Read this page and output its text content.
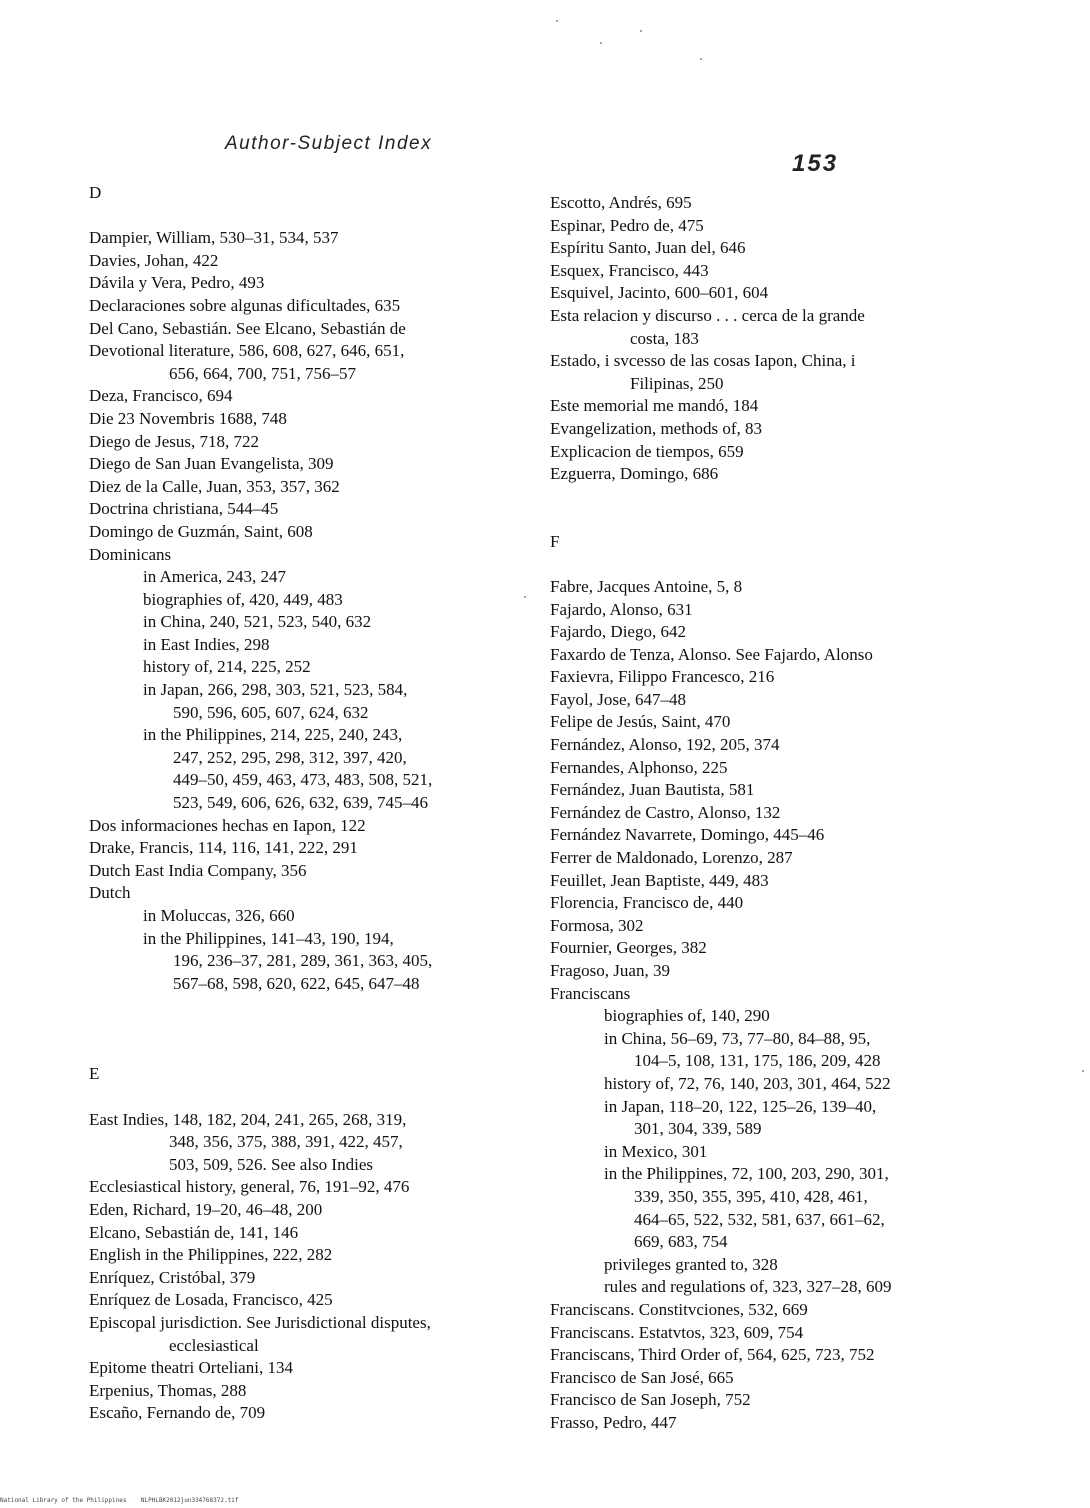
Author-Subject Index
153
D
Dampier, William, 530–31, 534, 537
Davies, Johan, 422
Dávila y Vera, Pedro, 493
Declaraciones sobre algunas dificultades, 635
Del Cano, Sebastián. See Elcano, Sebastián de
Devotional literature, 586, 608, 627, 646, 651,
656, 664, 700, 751, 756–57
Deza, Francisco, 694
Die 23 Novembris 1688, 748
Diego de Jesus, 718, 722
Diego de San Juan Evangelista, 309
Diez de la Calle, Juan, 353, 357, 362
Doctrina christiana, 544–45
Domingo de Guzmán, Saint, 608
Dominicans
in America, 243, 247
biographies of, 420, 449, 483
in China, 240, 521, 523, 540, 632
in East Indies, 298
history of, 214, 225, 252
in Japan, 266, 298, 303, 521, 523, 584,
590, 596, 605, 607, 624, 632
in the Philippines, 214, 225, 240, 243,
247, 252, 295, 298, 312, 397, 420,
449–50, 459, 463, 473, 483, 508, 521,
523, 549, 606, 626, 632, 639, 745–46
Dos informaciones hechas en Iapon, 122
Drake, Francis, 114, 116, 141, 222, 291
Dutch East India Company, 356
Dutch
in Moluccas, 326, 660
in the Philippines, 141–43, 190, 194,
196, 236–37, 281, 289, 361, 363, 405,
567–68, 598, 620, 622, 645, 647–48
E
East Indies, 148, 182, 204, 241, 265, 268, 319,
348, 356, 375, 388, 391, 422, 457,
503, 509, 526. See also Indies
Ecclesiastical history, general, 76, 191–92, 476
Eden, Richard, 19–20, 46–48, 200
Elcano, Sebastián de, 141, 146
English in the Philippines, 222, 282
Enríquez, Cristóbal, 379
Enríquez de Losada, Francisco, 425
Episcopal jurisdiction. See Jurisdictional disputes,
ecclesiastical
Epitome theatri Orteliani, 134
Erpenius, Thomas, 288
Escaño, Fernando de, 709
Escotto, Andrés, 695
Espinar, Pedro de, 475
Espíritu Santo, Juan del, 646
Esquex, Francisco, 443
Esquivel, Jacinto, 600–601, 604
Esta relacion y discurso . . . cerca de la grande
costa, 183
Estado, i svcesso de las cosas Iapon, China, i
Filipinas, 250
Este memorial me mandó, 184
Evangelization, methods of, 83
Explicacion de tiempos, 659
Ezguerra, Domingo, 686
F
Fabre, Jacques Antoine, 5, 8
Fajardo, Alonso, 631
Fajardo, Diego, 642
Faxardo de Tenza, Alonso. See Fajardo, Alonso
Faxievra, Filippo Francesco, 216
Fayol, Jose, 647–48
Felipe de Jesús, Saint, 470
Fernández, Alonso, 192, 205, 374
Fernandes, Alphonso, 225
Fernández, Juan Bautista, 581
Fernández de Castro, Alonso, 132
Fernández Navarrete, Domingo, 445–46
Ferrer de Maldonado, Lorenzo, 287
Feuillet, Jean Baptiste, 449, 483
Florencia, Francisco de, 440
Formosa, 302
Fournier, Georges, 382
Fragoso, Juan, 39
Franciscans
biographies of, 140, 290
in China, 56–69, 73, 77–80, 84–88, 95,
104–5, 108, 131, 175, 186, 209, 428
history of, 72, 76, 140, 203, 301, 464, 522
in Japan, 118–20, 122, 125–26, 139–40,
301, 304, 339, 589
in Mexico, 301
in the Philippines, 72, 100, 203, 290, 301,
339, 350, 355, 395, 410, 428, 461,
464–65, 522, 532, 581, 637, 661–62,
669, 683, 754
privileges granted to, 328
rules and regulations of, 323, 327–28, 609
Franciscans. Constitvciones, 532, 669
Franciscans. Estatvtos, 323, 609, 754
Franciscans, Third Order of, 564, 625, 723, 752
Francisco de San José, 665
Francisco de San Joseph, 752
Frasso, Pedro, 447
National Library of the Philippines    NLPHLBK2012jun334768372.tif
